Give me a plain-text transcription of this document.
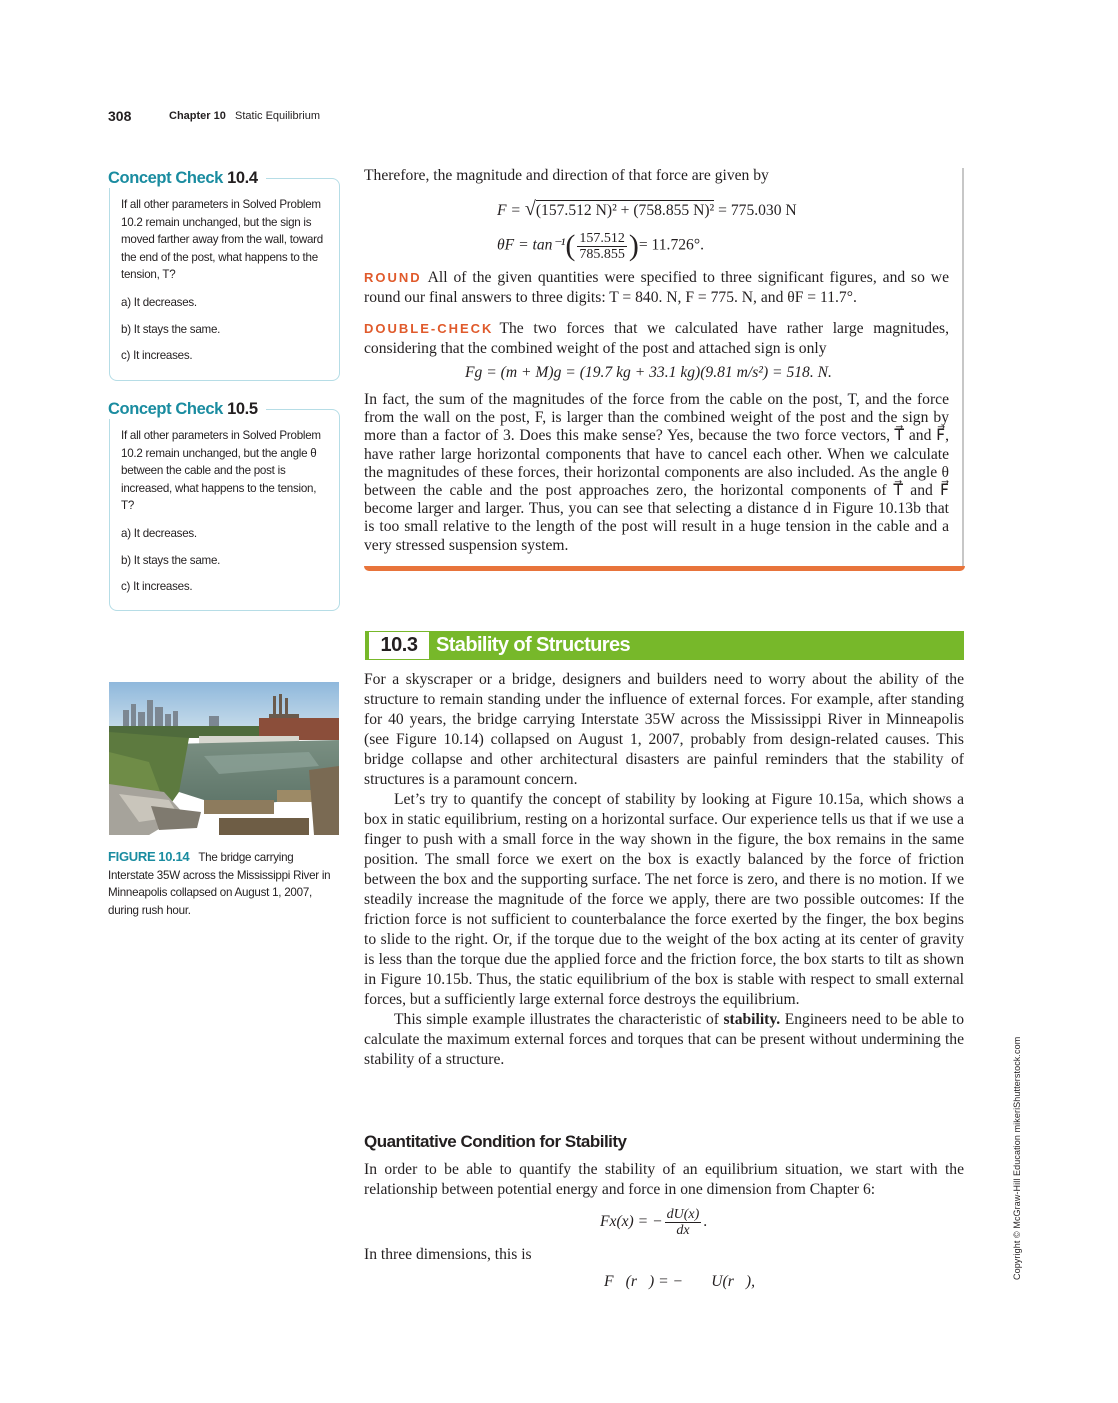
308	Chapter 10 Static Equilibrium
Concept Check 10.4
If all other parameters in Solved Problem 10.2 remain unchanged, but the sign is moved farther away from the wall, toward the end of the post, what happens to the tension, T?
a) It decreases.
b) It stays the same.
c) It increases.
Concept Check 10.5
If all other parameters in Solved Problem 10.2 remain unchanged, but the angle θ between the cable and the post is increased, what happens to the tension, T?
a) It decreases.
b) It stays the same.
c) It increases.
FIGURE 10.14 The bridge carrying Interstate 35W across the Mississippi River in Minneapolis collapsed on August 1, 2007, during rush hour.
Therefore, the magnitude and direction of that force are given by
F = √(157.512 N)² + (758.855 N)² = 775.030 N
$\theta F = \tan^{-1}( \frac{157.512}{785.855}$ )= 11.726°.
ROUND All of the given quantities were specified to three significant figures, and so we round our final answers to three digits: T = 840. N, F = 775. N, and θF = 11.7°.
DOUBLE-CHECK The two forces that we calculated have rather large magnitudes, considering that the combined weight of the post and attached sign is only
Fg = (m + M)g = (19.7 kg + 33.1 kg)(9.81 m/s²) = 518. N.
In fact, the sum of the magnitudes of the force from the cable on the post, T, and the force from the wall on the post, F, is larger than the combined weight of the post and the sign by more than a factor of 3. Does this make sense? Yes, because the two force vectors, T⃗ and F⃗, have rather large horizontal components that have to cancel each other. When we calculate the magnitudes of these forces, their horizontal components are also included. As the angle θ between the cable and the post approaches zero, the horizontal components of T⃗ and F⃗ become larger and larger. Thus, you can see that selecting a distance d in Figure 10.13b that is too small relative to the length of the post will result in a huge tension in the cable and a very stressed suspension system.
10.3 Stability of Structures

For a skyscraper or a bridge, designers and builders need to worry about the ability of the structure to remain standing under the influence of external forces. For example, after standing for 40 years, the bridge carrying Interstate 35W across the Mississippi River in Minneapolis (see Figure 10.14) collapsed on August 1, 2007, probably from design-related causes. This bridge collapse and other architectural disasters are painful reminders that the stability of structures is a paramount concern.

Let’s try to quantify the concept of stability by looking at Figure 10.15a, which shows a box in static equilibrium, resting on a horizontal surface. Our experience tells us that if we use a finger to push with a small force in the way shown in the figure, the box remains in the same position. The small force we exert on the box is exactly balanced by the force of friction between the box and the supporting surface. The net force is zero, and there is no motion. If we steadily increase the magnitude of the force we apply, there are two possible outcomes: If the friction force is not sufficient to counterbalance the force exerted by the finger, the box begins to slide to the right. Or, if the torque due to the weight of the box acting at its center of gravity is less than the torque due the applied force and the friction force, the box starts to tilt as shown in Figure 10.15b. Thus, the static equilibrium of the box is stable with respect to small external forces, but a sufficiently large external force destroys the equilibrium.

This simple example illustrates the characteristic of stability. Engineers need to be able to calculate the maximum external forces and torques that can be present without undermining the stability of a structure.

Quantitative Condition for Stability
In order to be able to quantify the stability of an equilibrium situation, we start with the relationship between potential energy and force in one dimension from Chapter 6:
Fx(x) = − $\frac{dU(x)}{dx}$ .
In three dimensions, this is
F⃗(r⃗) = − ∇⃗U(r⃗),
Copyright © McGraw-Hill Education mikeriShutterstock.com
